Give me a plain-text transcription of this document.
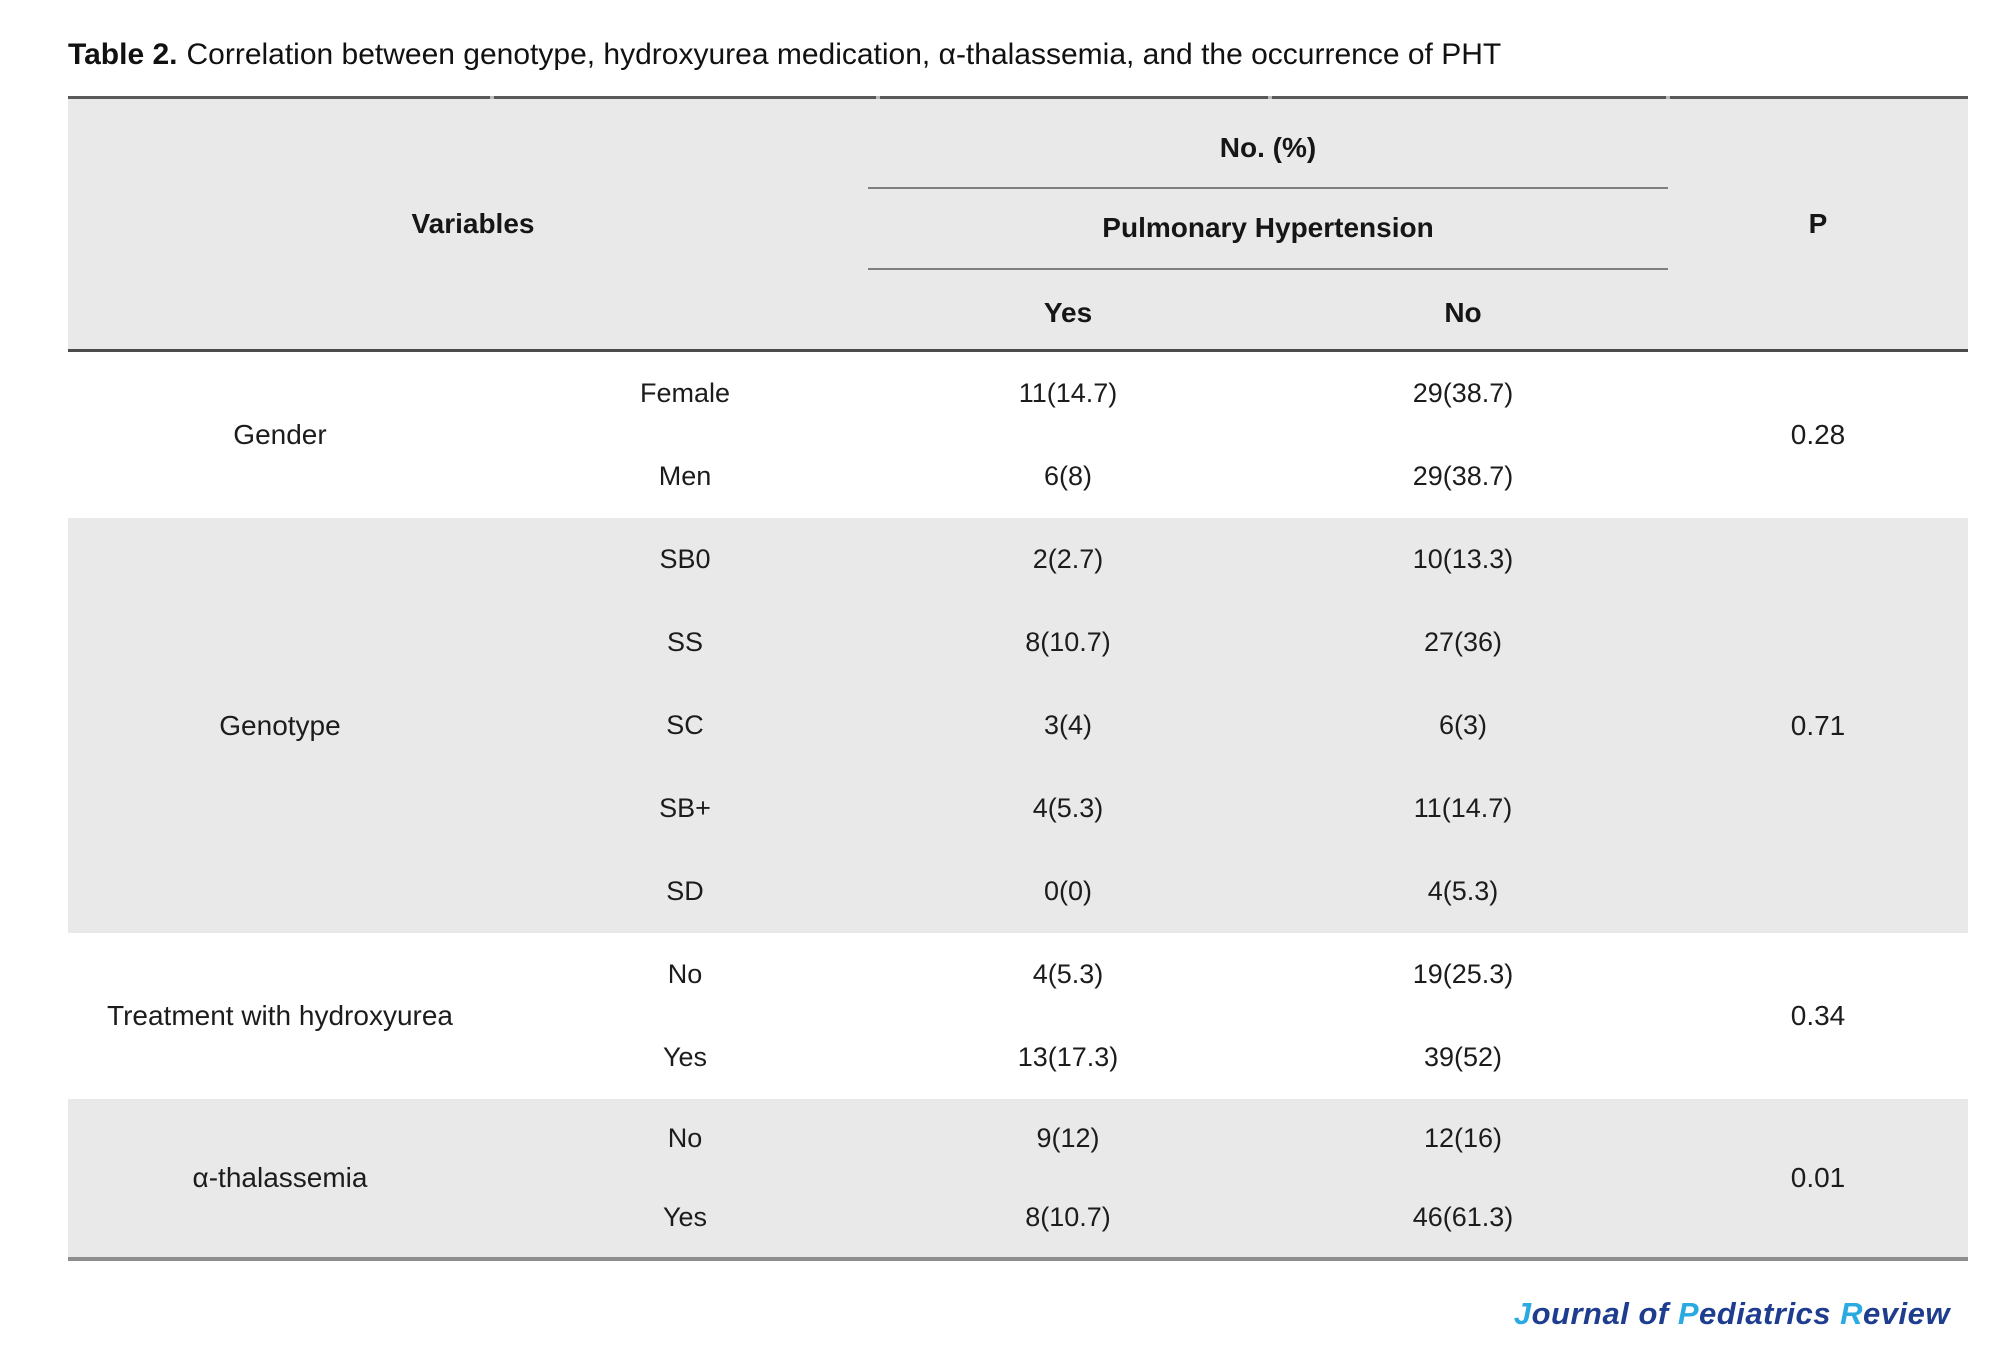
Table 2. Correlation between genotype, hydroxyurea medication, α-thalassemia, and the occurrence of PHT
Variables
No. (%)
Pulmonary Hypertension
Yes	No
P
Gender
Female
Men
11(14.7)
6(8)
29(38.7)
29(38.7)
0.28
Genotype
SB0
SS
SC
SB+
SD
2(2.7)
8(10.7)
3(4)
4(5.3)
0(0)
10(13.3)
27(36)
6(3)
11(14.7)
4(5.3)
0.71
Treatment with hydroxyurea
No
Yes
4(5.3)
13(17.3)
19(25.3)
39(52)
0.34
α-thalassemia
No
Yes
9(12)
8(10.7)
12(16)
46(61.3)
0.01

Journal of Pediatrics Review
